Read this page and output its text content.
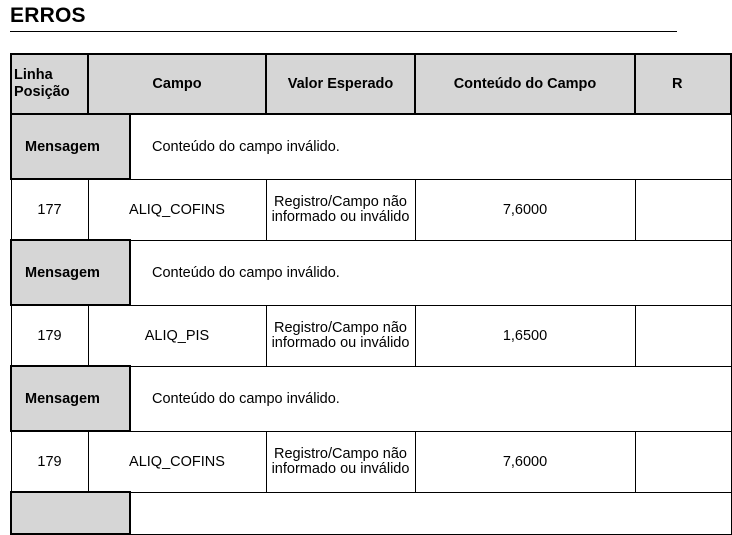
ERROS
Linha
Posição	Campo		Valor Esperado	Conteúdo do Campo	R
Mensagem		Conteúdo do campo inválido.			
177	ALIQ_COFINS		Registro/Campo não informado ou inválido	7,6000	
Mensagem		Conteúdo do campo inválido.			
179	ALIQ_PIS		Registro/Campo não informado ou inválido	1,6500	
Mensagem		Conteúdo do campo inválido.			
179	ALIQ_COFINS		Registro/Campo não informado ou inválido	7,6000	
